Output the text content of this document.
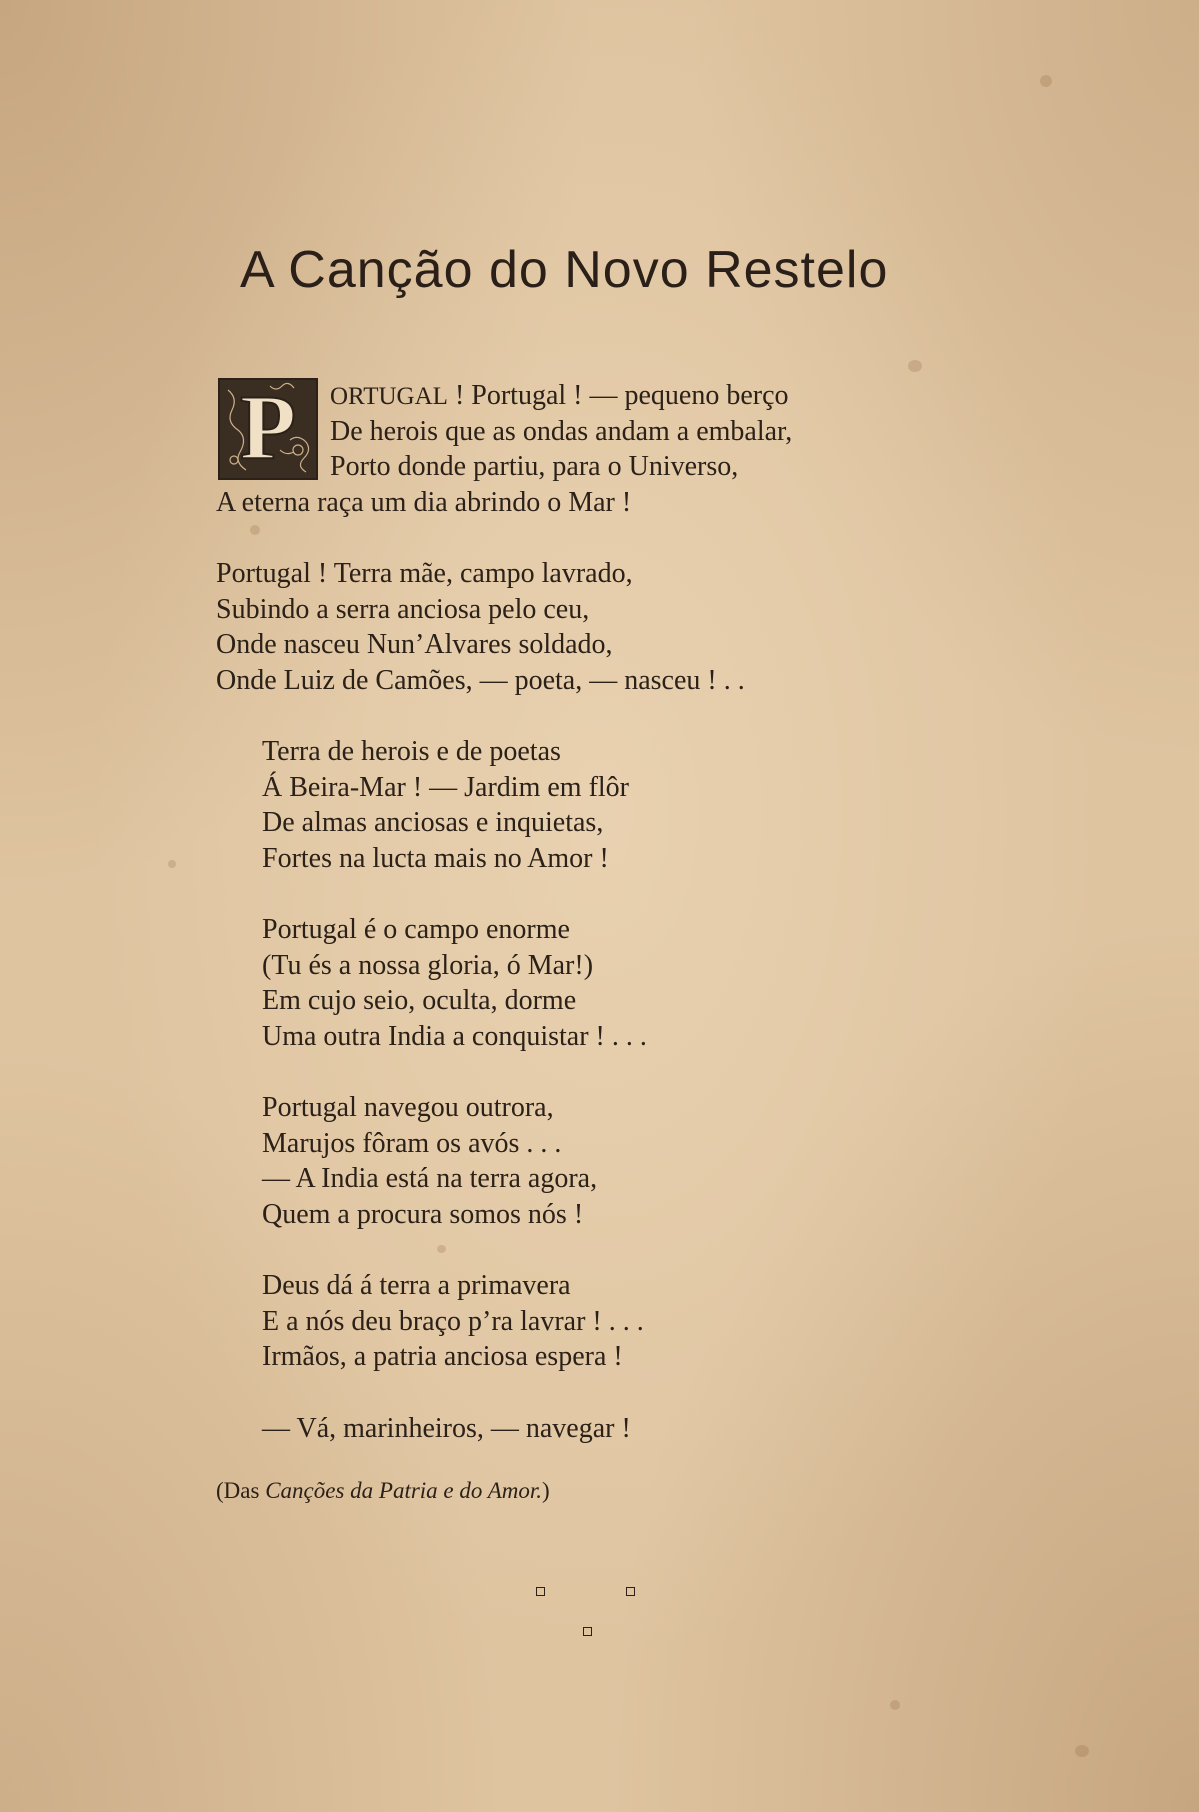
A Canção do Novo Restelo
P	ORTUGAL ! Portugal ! — pequeno berço
De herois que as ondas andam a embalar,
Porto donde partiu, para o Universo,
A eterna raça um dia abrindo o Mar !
Portugal ! Terra mãe, campo lavrado,
Subindo a serra anciosa pelo ceu,
Onde nasceu Nun’Alvares soldado,
Onde Luiz de Camões, — poeta, — nasceu ! . .
Terra de herois e de poetas
Á Beira-Mar ! — Jardim em flôr
De almas anciosas e inquietas,
Fortes na lucta mais no Amor !
Portugal é o campo enorme
(Tu és a nossa gloria, ó Mar!)
Em cujo seio, oculta, dorme
Uma outra India a conquistar ! . . .
Portugal navegou outrora,
Marujos fôram os avós . . .
— A India está na terra agora,
Quem a procura somos nós !
Deus dá á terra a primavera
E a nós deu braço p’ra lavrar ! . . .
Irmãos, a patria anciosa espera !
— Vá, marinheiros, — navegar !
(Das Canções da Patria e do Amor.)
